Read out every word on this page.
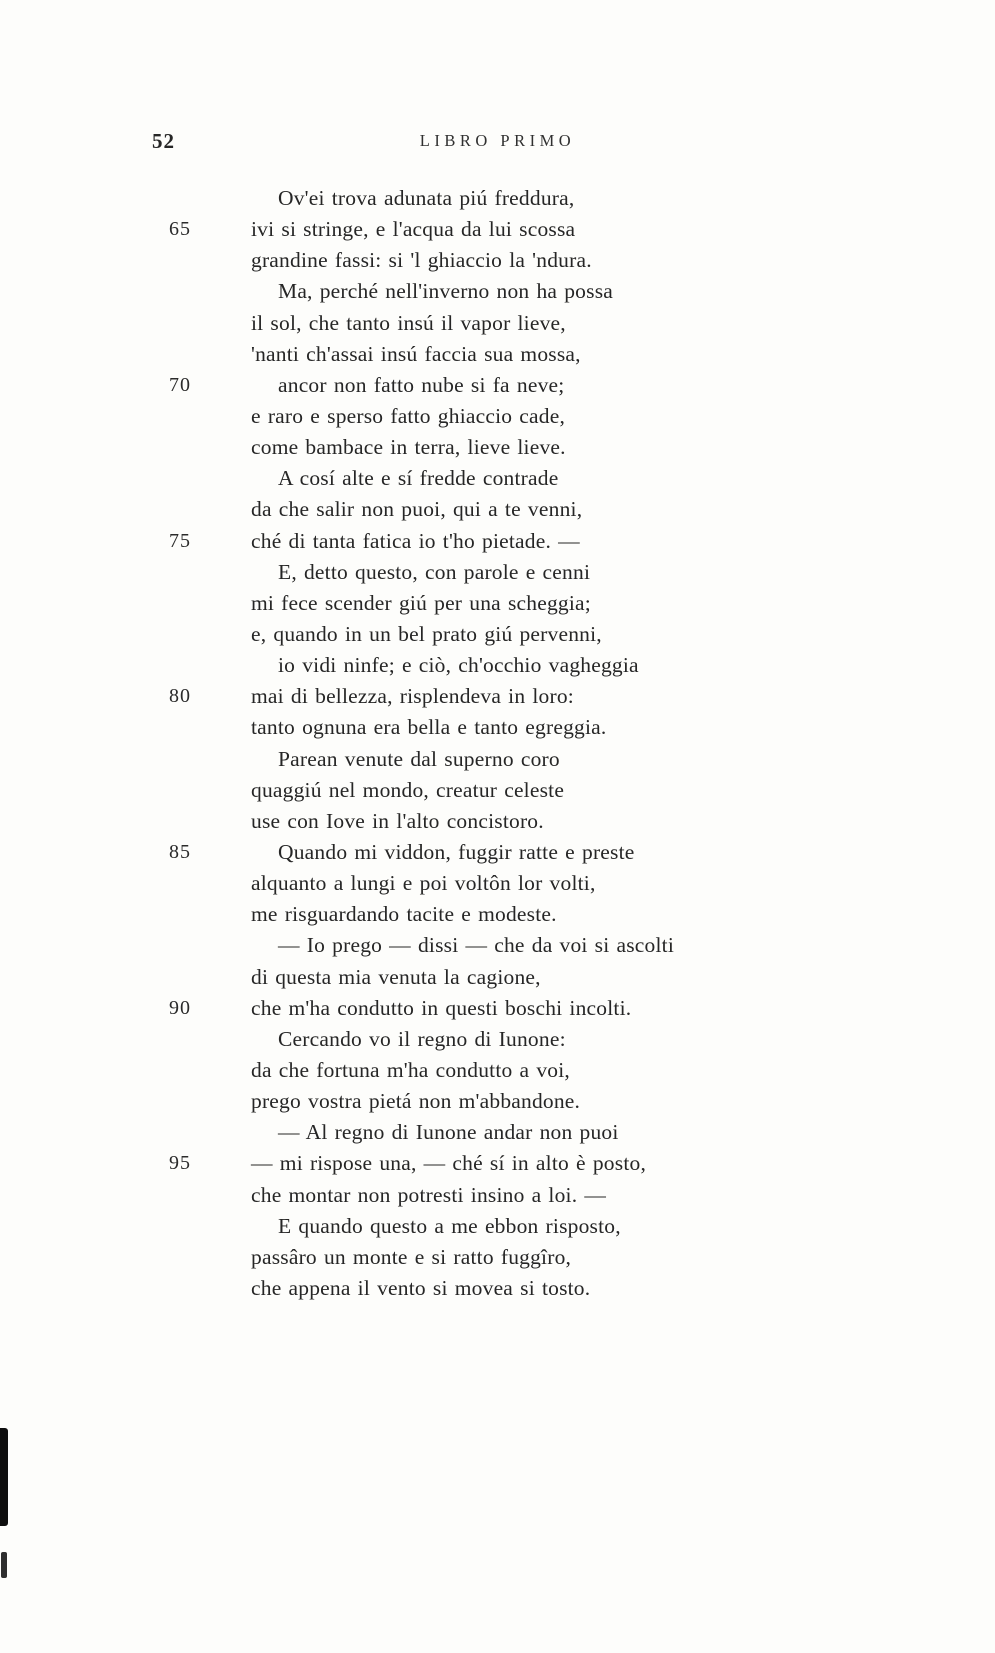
52	LIBRO PRIMO
Ov'ei trova adunata piú freddura,
65	ivi si stringe, e l'acqua da lui scossa
grandine fassi: si 'l ghiaccio la 'ndura.
Ma, perché nell'inverno non ha possa
il sol, che tanto insú il vapor lieve,
'nanti ch'assai insú faccia sua mossa,
70	ancor non fatto nube si fa neve;
e raro e sperso fatto ghiaccio cade,
come bambace in terra, lieve lieve.
A cosí alte e sí fredde contrade
da che salir non puoi, qui a te venni,
75	ché di tanta fatica io t'ho pietade. —
E, detto questo, con parole e cenni
mi fece scender giú per una scheggia;
e, quando in un bel prato giú pervenni,
io vidi ninfe; e ciò, ch'occhio vagheggia
80	mai di bellezza, risplendeva in loro:
tanto ognuna era bella e tanto egreggia.
Parean venute dal superno coro
quaggiú nel mondo, creatur celeste
use con Iove in l'alto concistoro.
85	Quando mi viddon, fuggir ratte e preste
alquanto a lungi e poi voltôn lor volti,
me risguardando tacite e modeste.
— Io prego — dissi — che da voi si ascolti
di questa mia venuta la cagione,
90	che m'ha condutto in questi boschi incolti.
Cercando vo il regno di Iunone:
da che fortuna m'ha condutto a voi,
prego vostra pietá non m'abbandone.
— Al regno di Iunone andar non puoi
95	— mi rispose una, — ché sí in alto è posto,
che montar non potresti insino a loi. —
E quando questo a me ebbon risposto,
passâro un monte e si ratto fuggîro,
che appena il vento si movea si tosto.
